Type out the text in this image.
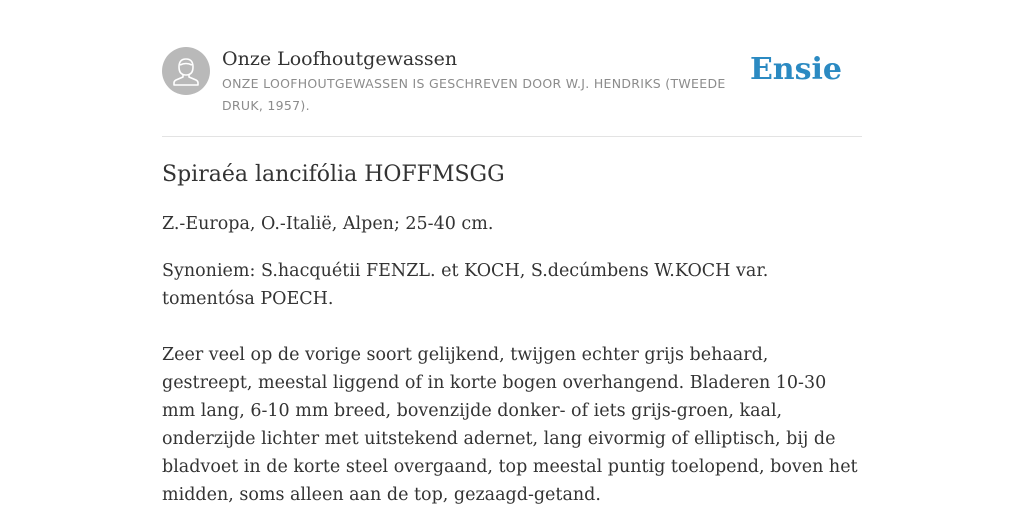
Onze Loofhoutgewassen
ONZE LOOFHOUTGEWASSEN IS GESCHREVEN DOOR W.J. HENDRIKS (TWEEDE DRUK, 1957).
Ensie
Spiraéa lancifólia HOFFMSGG

Z.-Europa, O.-Italië, Alpen; 25-40 cm.

Synoniem: S.hacquétii FENZL. et KOCH, S.decúmbens W.KOCH var. tomentósa POECH.

Zeer veel op de vorige soort gelijkend, twijgen echter grijs behaard, gestreept, meestal liggend of in korte bogen overhangend. Bladeren 10-30 mm lang, 6-10 mm breed, bovenzijde donker- of iets grijs-groen, kaal, onderzijde lichter met uitstekend adernet, lang eivormig of elliptisch, bij de bladvoet in de korte steel overgaand, top meestal puntig toelopend, boven het midden, soms alleen aan de top, gezaagd-getand.
